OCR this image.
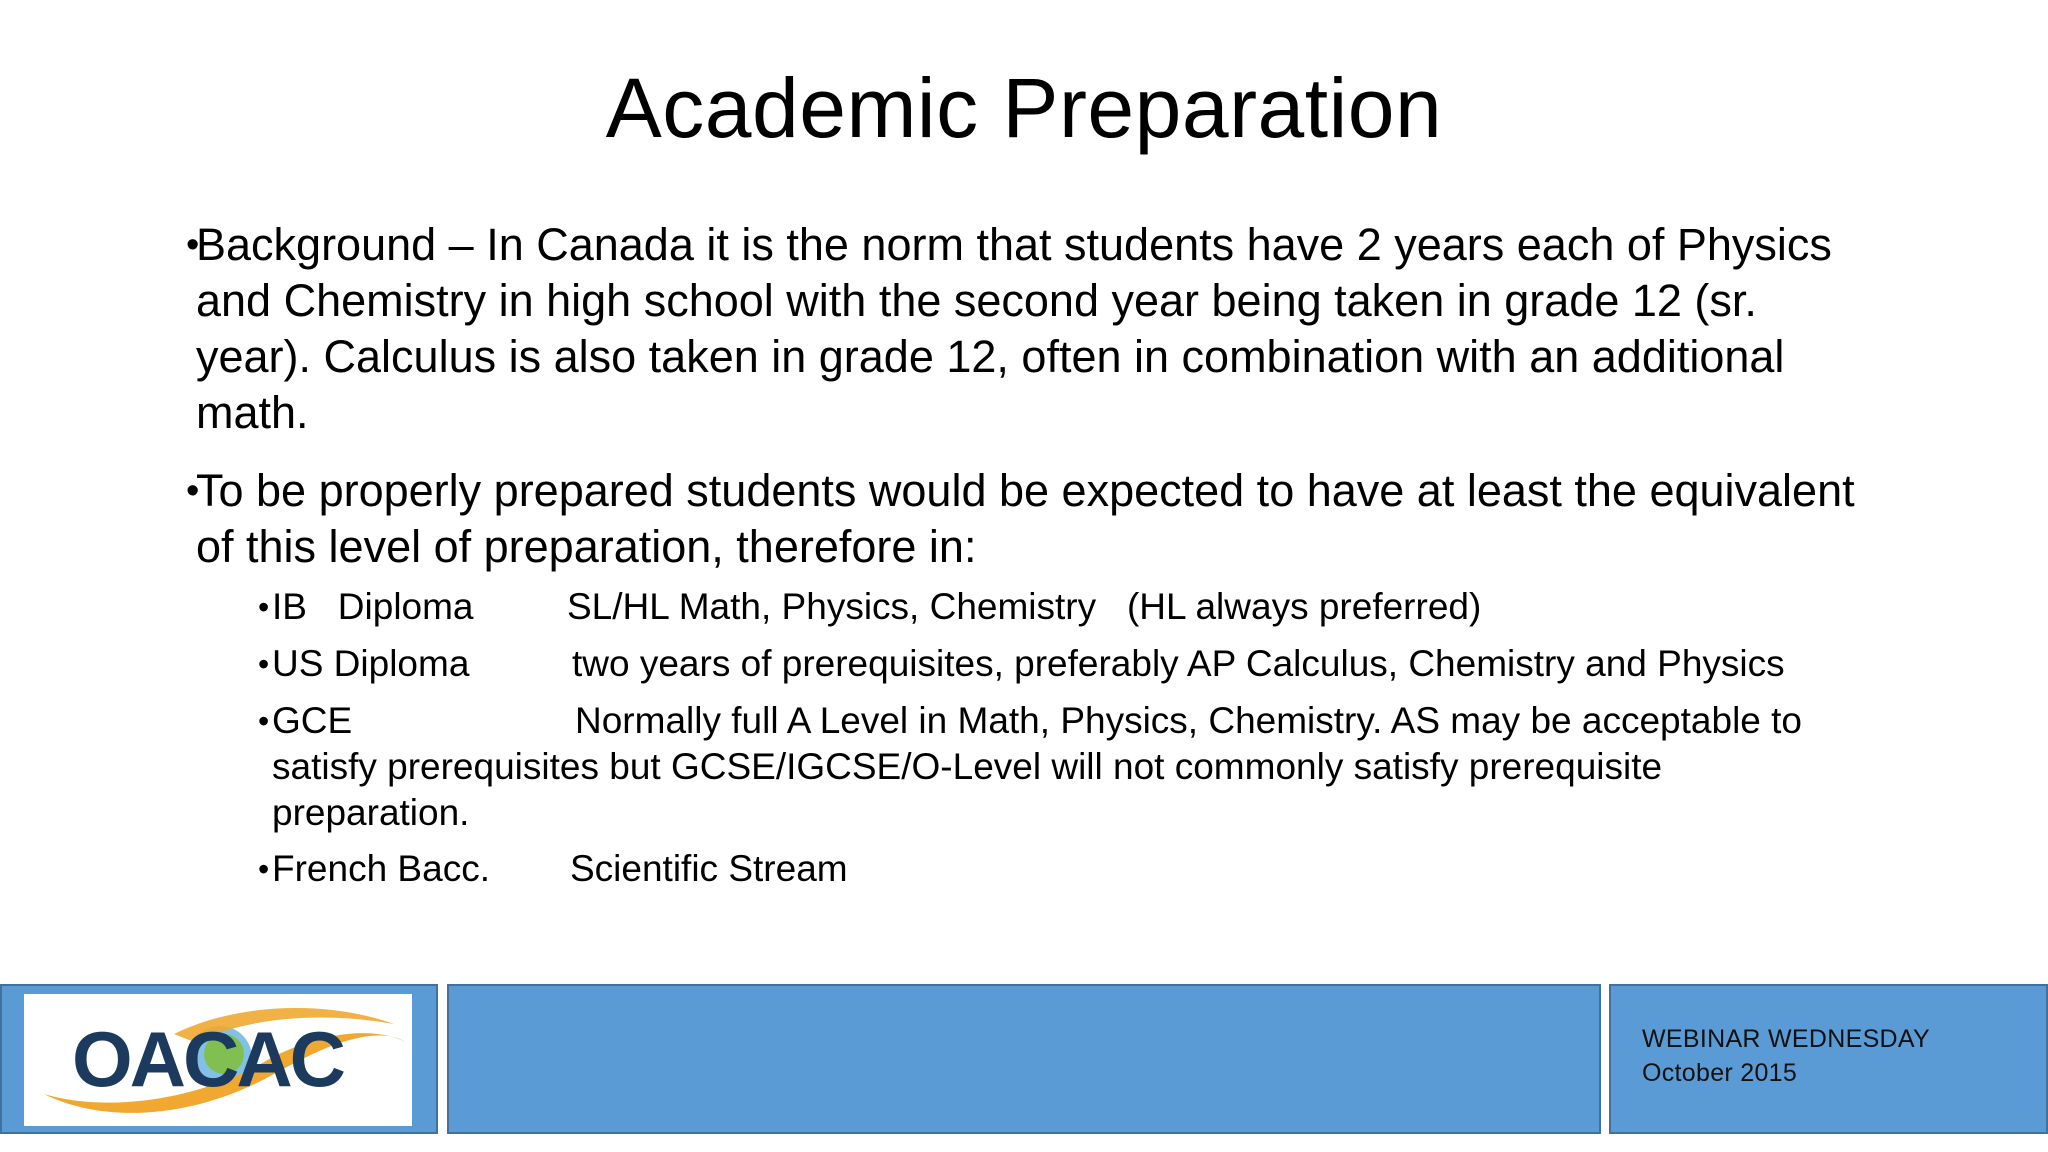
Academic Preparation
•
Background – In Canada it is the norm that students have 2 years each of Physics and Chemistry in high school with the second year being taken in grade 12 (sr. year). Calculus is also taken in grade 12, often in combination with an additional math.
•
To be properly prepared students would be expected to have at least the equivalent of this level of preparation, therefore in:
• IB   Diploma	SL/HL Math, Physics, Chemistry   (HL always preferred)
• US Diploma	two years of prerequisites, preferably AP Calculus, Chemistry and Physics
• GCE	Normally full A Level in Math, Physics, Chemistry. AS may be acceptable to
satisfy prerequisites but GCSE/IGCSE/O-Level will not commonly satisfy prerequisite preparation.
• French Bacc. Scientific Stream
OACAC	WEBINAR WEDNESDAY
October 2015
